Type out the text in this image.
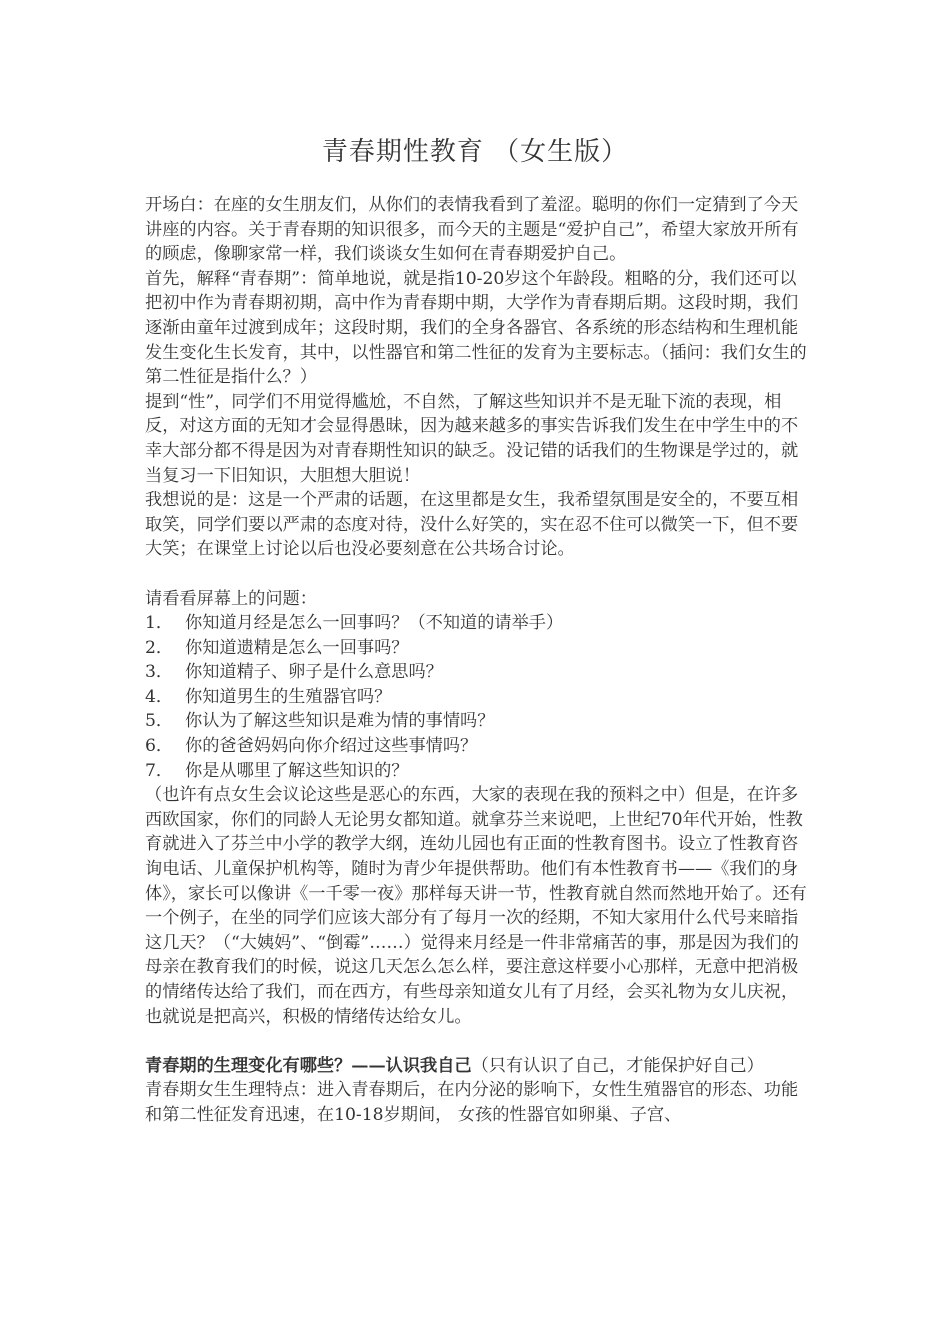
青春期性教育 （女生版）

开场白：在座的女生朋友们，从你们的表情我看到了羞涩。聪明的你们一定猜到了今天讲座的内容。关于青春期的知识很多，而今天的主题是“爱护自己”，希望大家放开所有的顾虑，像聊家常一样，我们谈谈女生如何在青春期爱护自己。

首先，解释“青春期”：简单地说，就是指10-20岁这个年龄段。粗略的分，我们还可以把初中作为青春期初期，高中作为青春期中期，大学作为青春期后期。这段时期，我们逐渐由童年过渡到成年；这段时期，我们的全身各器官、各系统的形态结构和生理机能发生变化生长发育，其中，以性器官和第二性征的发育为主要标志。（插问：我们女生的第二性征是指什么？）

提到“性”，同学们不用觉得尴尬，不自然，了解这些知识并不是无耻下流的表现，相反，对这方面的无知才会显得愚昧，因为越来越多的事实告诉我们发生在中学生中的不幸大部分都不得是因为对青春期性知识的缺乏。没记错的话我们的生物课是学过的，就当复习一下旧知识，大胆想大胆说！

我想说的是：这是一个严肃的话题，在这里都是女生，我希望氛围是安全的，不要互相取笑，同学们要以严肃的态度对待，没什么好笑的，实在忍不住可以微笑一下，但不要大笑；在课堂上讨论以后也没必要刻意在公共场合讨论。

请看看屏幕上的问题：

1． 你知道月经是怎么一回事吗？（不知道的请举手）
2． 你知道遗精是怎么一回事吗？
3． 你知道精子、卵子是什么意思吗？
4． 你知道男生的生殖器官吗？
5． 你认为了解这些知识是难为情的事情吗？
6． 你的爸爸妈妈向你介绍过这些事情吗？
7． 你是从哪里了解这些知识的？

（也许有点女生会议论这些是恶心的东西，大家的表现在我的预料之中）但是，在许多西欧国家，你们的同龄人无论男女都知道。就拿芬兰来说吧，上世纪70年代开始，性教育就进入了芬兰中小学的教学大纲，连幼儿园也有正面的性教育图书。设立了性教育咨询电话、儿童保护机构等，随时为青少年提供帮助。他们有本性教育书——《我们的身体》，家长可以像讲《一千零一夜》那样每天讲一节，性教育就自然而然地开始了。还有一个例子，在坐的同学们应该大部分有了每月一次的经期，不知大家用什么代号来暗指这几天？（“大姨妈”、“倒霉”……）觉得来月经是一件非常痛苦的事，那是因为我们的母亲在教育我们的时候，说这几天怎么怎么样，要注意这样要小心那样，无意中把消极的情绪传达给了我们，而在西方，有些母亲知道女儿有了月经，会买礼物为女儿庆祝，也就说是把高兴，积极的情绪传达给女儿。

青春期的生理变化有哪些？——认识我自己（只有认识了自己，才能保护好自己）

青春期女生生理特点：进入青春期后，在内分泌的影响下，女性生殖器官的形态、功能和第二性征发育迅速，在10-18岁期间， 女孩的性器官如卵巢、子宫、
